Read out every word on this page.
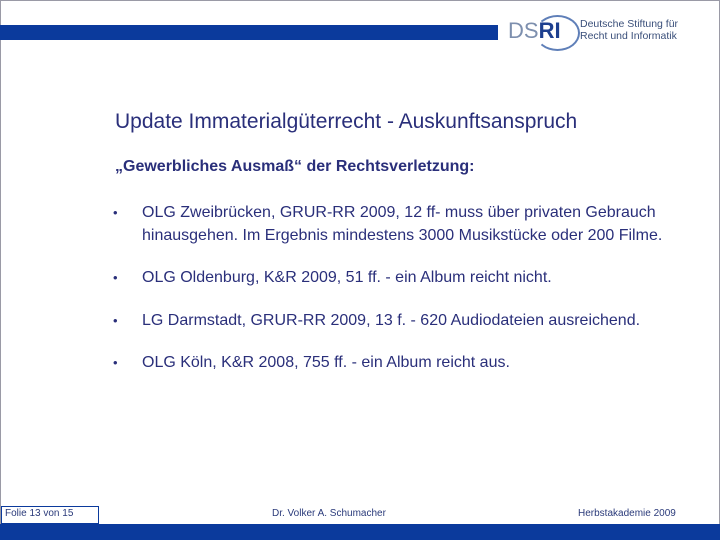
DSRI Deutsche Stiftung für
Recht und Informatik
Update Immaterialgüterrecht - Auskunftsanspruch
„Gewerbliches Ausmaß“ der Rechtsverletzung:
• OLG Zweibrücken, GRUR-RR 2009, 12 ff- muss über privaten Gebrauch hinausgehen. Im Ergebnis mindestens 3000 Musikstücke oder 200 Filme.
• OLG Oldenburg, K&R 2009, 51 ff. - ein Album reicht nicht.
• LG Darmstadt, GRUR-RR 2009, 13 f. - 620 Audiodateien ausreichend.
• OLG Köln, K&R 2008, 755 ff. - ein Album reicht aus.
Folie 13 von 15	Dr. Volker A. Schumacher	Herbstakademie 2009
